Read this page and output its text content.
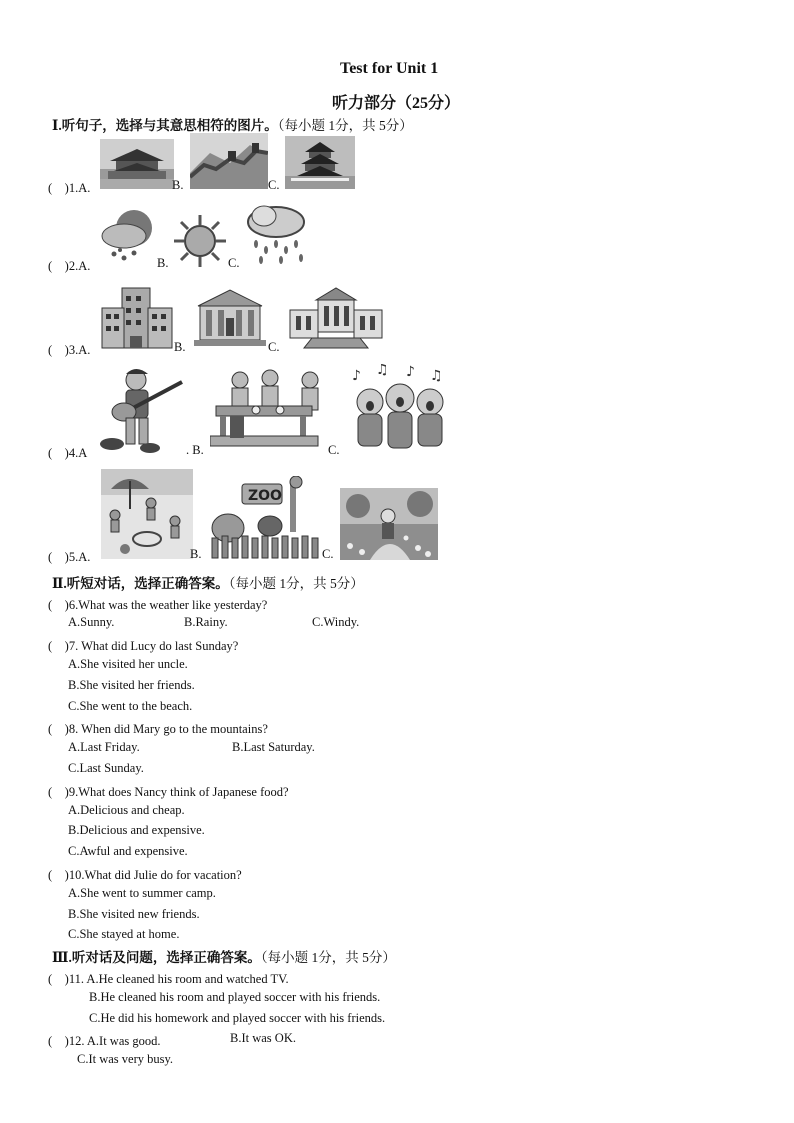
Test for Unit 1
听力部分（25分）
Ⅰ.听句子，选择与其意思相符的图片。（每小题 1分，共 5分）
(　)1.A.	B.	C.
(　)2.A.	B.	C.
(　)3.A.	B.	C.
(　)4.A	. B.	C.
♪ ♫ ♪ ♫
(　)5.A.	B.
ZOO
C.
Ⅱ.听短对话，选择正确答案。（每小题 1分，共 5分）
(　)6.What was the weather like yesterday?
A.Sunny.	B.Rainy.	C.Windy.
(　)7. What did Lucy do last Sunday?
A.She visited her uncle.
B.She visited her friends.
C.She went to the beach.
(　)8. When did Mary go to the mountains?
A.Last Friday.	B.Last Saturday.
C.Last Sunday.
(　)9.What does Nancy think of Japanese food?
A.Delicious and cheap.
B.Delicious and expensive.
C.Awful and expensive.
(　)10.What did Julie do for vacation?
A.She went to summer camp.
B.She visited new friends.
C.She stayed at home.
Ⅲ.听对话及问题，选择正确答案。（每小题 1分，共 5分）
(　)11. A.He cleaned his room and watched TV.
B.He cleaned his room and played soccer with his friends.
C.He did his homework and played soccer with his friends.
(　)12. A.It was good.	B.It was OK.
C.It was very busy.
